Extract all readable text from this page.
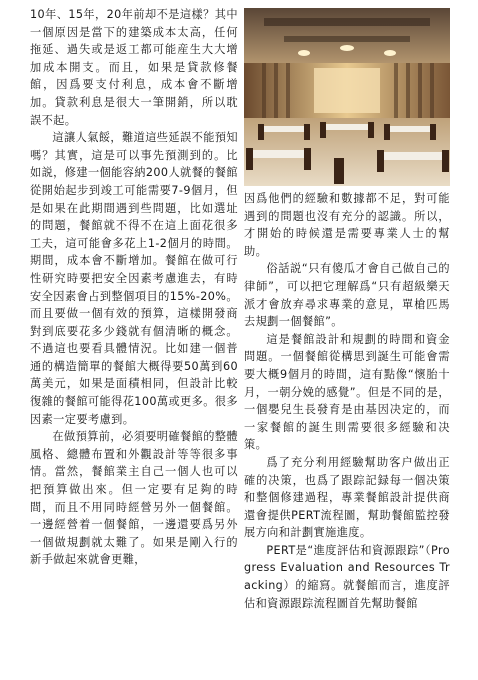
10年、15年，20年前却不是這樣？其中一個原因是當下的建築成本太高，任何拖延、過失或是返工都可能産生大大增加成本開支。而且，如果是貸款修餐館，因爲要支付利息，成本會不斷增加。貸款利息是很大一筆開銷，所以耽誤不起。

這讓人氣餒，難道這些延誤不能預知嗎？其實，這是可以事先預測到的。比如説，修建一個能容納200人就餐的餐館從開始起步到竣工可能需要7-9個月，但是如果在此期間遇到些問題，比如選址的問題，餐館就不得不在這上面花很多工夫，這可能會多花上1-2個月的時間。期間，成本會不斷增加。餐館在做可行性研究時要把安全因素考慮進去，有時安全因素會占到整個項目的15%-20%。而且要做一個有效的預算，這樣開發商對到底要花多少錢就有個清晰的概念。不過這也要看具體情況。比如建一個普通的構造簡單的餐館大概得要50萬到60萬美元，如果是面積相同，但設計比較復雜的餐館可能得花100萬或更多。很多因素一定要考慮到。

在做預算前，必須要明確餐館的整體風格、總體布置和外觀設計等等很多事情。當然，餐館業主自己一個人也可以把預算做出來。但一定要有足夠的時間，而且不用同時經營另外一個餐館。一邊經營着一個餐館，一邊還要爲另外一個做規劃就太難了。如果是剛入行的新手做起來就會更難，

因爲他們的經驗和數據都不足，對可能遇到的問題也沒有充分的認識。所以，才開始的時候還是需要專業人士的幫助。

俗話説“只有傻瓜才會自己做自己的律師”，可以把它理解爲“只有超級樂天派才會放弃尋求專業的意見，單槍匹馬去規劃一個餐館”。

這是餐館設計和規劃的時間和資金問題。一個餐館從構思到誕生可能會需要大概9個月的時間，這有點像“懷胎十月，一朝分娩的感覺”。但是不同的是，一個嬰兒生長發育是由基因决定的，而一家餐館的誕生則需要很多經驗和决策。

爲了充分利用經驗幫助客户做出正確的决策，也爲了跟踪記録每一個决策和整個修建過程，專業餐館設計提供商還會提供PERT流程圖，幫助餐館監控發展方向和計劃實施進度。

PERT是“進度評估和資源跟踪”（Progress Evaluation and Resources Tracking）的縮寫。就餐館而言，進度評估和資源跟踪流程圖首先幫助餐館
